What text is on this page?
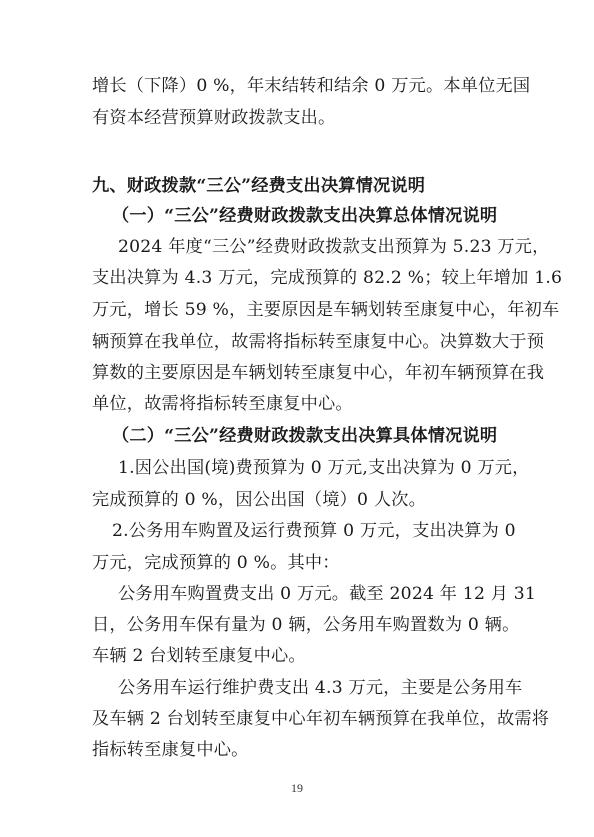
增长（下降）0 %，年末结转和结余 0 万元。本单位无国
有资本经营预算财政拨款支出。
九、财政拨款“三公”经费支出决算情况说明
（一）“三公”经费财政拨款支出决算总体情况说明
2024 年度“三公”经费财政拨款支出预算为 5.23 万元，
支出决算为 4.3 万元，完成预算的 82.2 %；较上年增加 1.6
万元，增长 59 %，主要原因是车辆划转至康复中心，年初车
辆预算在我单位，故需将指标转至康复中心。决算数大于预
算数的主要原因是车辆划转至康复中心，年初车辆预算在我
单位，故需将指标转至康复中心。
（二）“三公”经费财政拨款支出决算具体情况说明
1.因公出国(境)费预算为 0 万元,支出决算为 0 万元，
完成预算的 0 %，因公出国（境）0 人次。
2.公务用车购置及运行费预算 0 万元，支出决算为 0
万元，完成预算的 0 %。其中：
公务用车购置费支出 0 万元。截至 2024 年 12 月 31
日，公务用车保有量为 0 辆，公务用车购置数为 0 辆。
车辆 2 台划转至康复中心。
公务用车运行维护费支出 4.3 万元，主要是公务用车
及车辆 2 台划转至康复中心年初车辆预算在我单位，故需将
指标转至康复中心。
19
